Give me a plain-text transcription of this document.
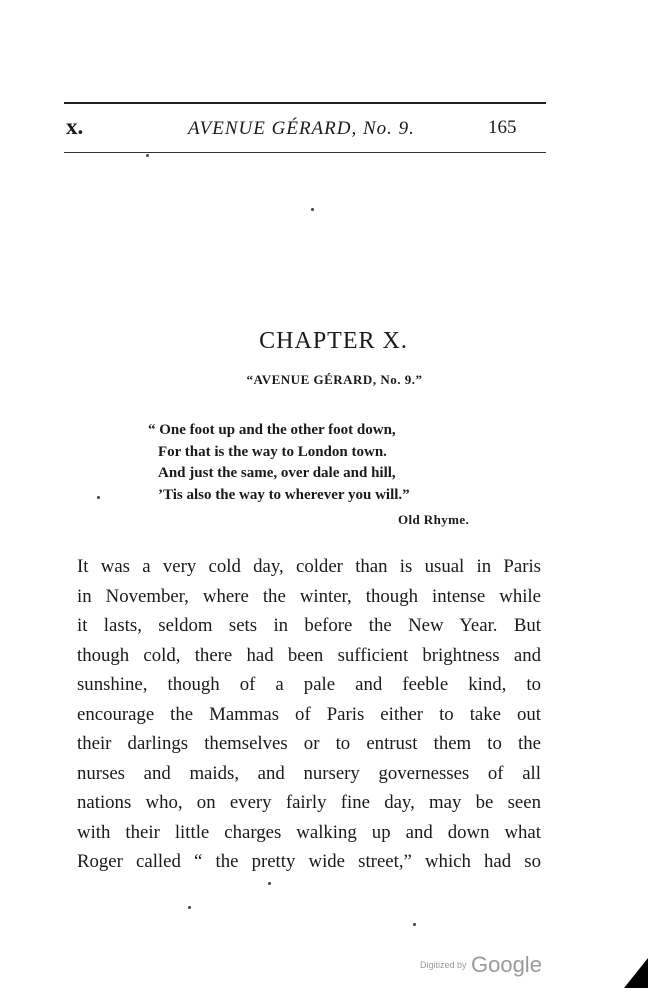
x.	AVENUE GÉRARD, No. 9.	165
CHAPTER X.
“AVENUE GÉRARD, No. 9.”
“ One foot up and the other foot down,
For that is the way to London town.
And just the same, over dale and hill,
’Tis also the way to wherever you will.”
Old Rhyme.
It was a very cold day, colder than is usual in Paris
in November, where the winter, though intense while
it lasts, seldom sets in before the New Year. But
though cold, there had been sufficient brightness and
sunshine, though of a pale and feeble kind, to
encourage the Mammas of Paris either to take out
their darlings themselves or to entrust them to the
nurses and maids, and nursery governesses of all
nations who, on every fairly fine day, may be seen
with their little charges walking up and down what
Roger called “ the pretty wide street,” which had so
Digitized by Google
